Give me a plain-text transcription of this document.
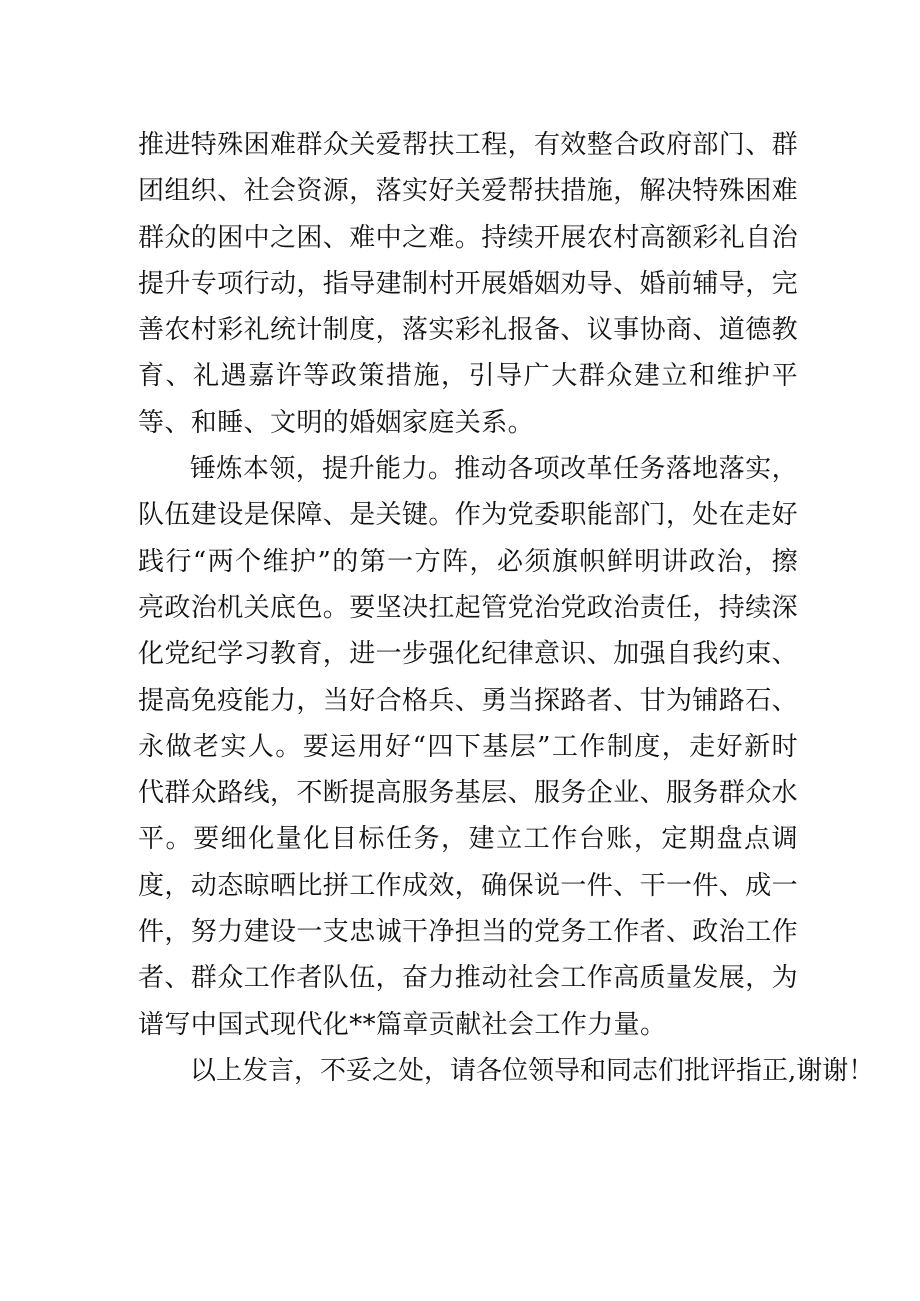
推进特殊困难群众关爱帮扶工程，有效整合政府部门、群团组织、社会资源，落实好关爱帮扶措施，解决特殊困难群众的困中之困、难中之难。持续开展农村高额彩礼自治提升专项行动，指导建制村开展婚姻劝导、婚前辅导，完善农村彩礼统计制度，落实彩礼报备、议事协商、道德教育、礼遇嘉许等政策措施，引导广大群众建立和维护平等、和睡、文明的婚姻家庭关系。

锤炼本领，提升能力。推动各项改革任务落地落实，队伍建设是保障、是关键。作为党委职能部门，处在走好践行“两个维护”的第一方阵，必须旗帜鲜明讲政治，擦亮政治机关底色。要坚决扛起管党治党政治责任，持续深化党纪学习教育，进一步强化纪律意识、加强自我约束、提高免疫能力，当好合格兵、勇当探路者、甘为铺路石、永做老实人。要运用好“四下基层”工作制度，走好新时代群众路线，不断提高服务基层、服务企业、服务群众水平。要细化量化目标任务，建立工作台账，定期盘点调度，动态晾晒比拼工作成效，确保说一件、干一件、成一件，努力建设一支忠诚干净担当的党务工作者、政治工作者、群众工作者队伍，奋力推动社会工作高质量发展，为谱写中国式现代化**篇章贡献社会工作力量。

以上发言，不妥之处，请各位领导和同志们批评指正,谢谢！
